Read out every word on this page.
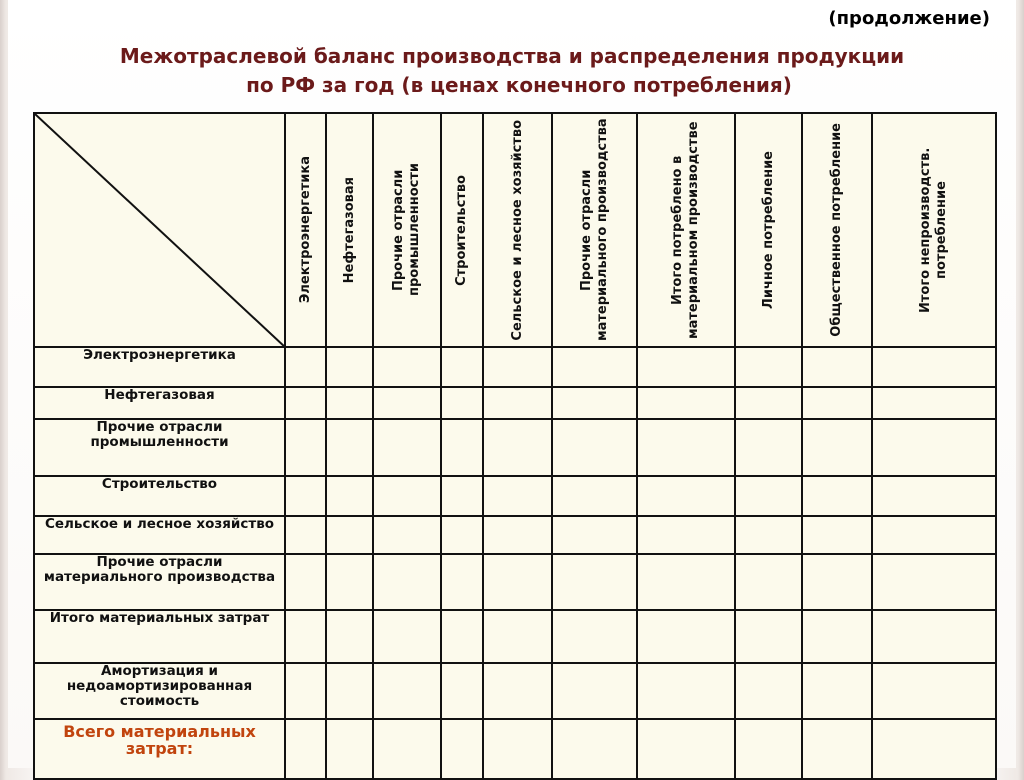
(продолжение)
Межотраслевой баланс производства и распределения продукции
по РФ за год (в ценах конечного потребления)

Электроэнергетика	Нефтегазовая	Прочие отрасли промышленности	Строительство	Сельское и лесное хозяйство	Прочие отрасли материального производства	Итого потреблено в материальном производстве	Личное потребление	Общественное потребление	Итого непроизводств. потребление

Электроэнергетика										
Нефтегазовая										
Прочие отрасли промышленности										
Строительство										
Сельское и лесное хозяйство										
Прочие отрасли материального производства										
Итого материальных затрат										
Амортизация и недоамортизированная стоимость										
Всего материальных затрат:										
